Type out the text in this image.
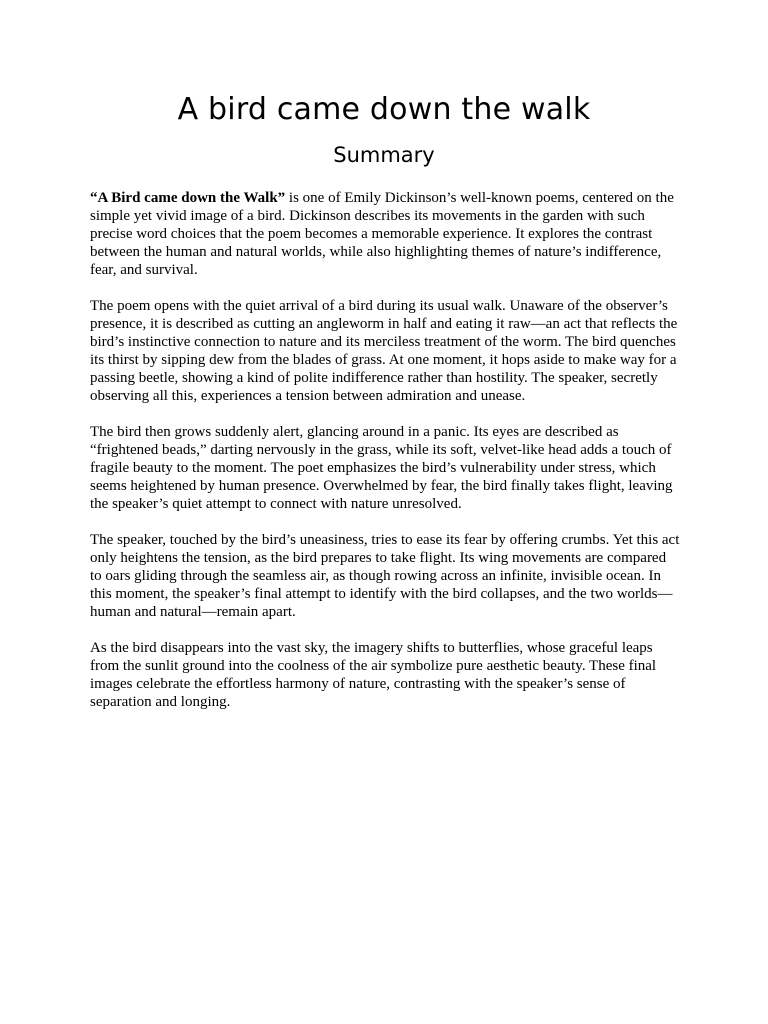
A bird came down the walk
Summary

“A Bird came down the Walk” is one of Emily Dickinson’s well-known poems, centered on the simple yet vivid image of a bird. Dickinson describes its movements in the garden with such precise word choices that the poem becomes a memorable experience. It explores the contrast between the human and natural worlds, while also highlighting themes of nature’s indifference, fear, and survival.

The poem opens with the quiet arrival of a bird during its usual walk. Unaware of the observer’s presence, it is described as cutting an angleworm in half and eating it raw—an act that reflects the bird’s instinctive connection to nature and its merciless treatment of the worm. The bird quenches its thirst by sipping dew from the blades of grass. At one moment, it hops aside to make way for a passing beetle, showing a kind of polite indifference rather than hostility. The speaker, secretly observing all this, experiences a tension between admiration and unease.

The bird then grows suddenly alert, glancing around in a panic. Its eyes are described as “frightened beads,” darting nervously in the grass, while its soft, velvet-like head adds a touch of fragile beauty to the moment. The poet emphasizes the bird’s vulnerability under stress, which seems heightened by human presence. Overwhelmed by fear, the bird finally takes flight, leaving the speaker’s quiet attempt to connect with nature unresolved.

The speaker, touched by the bird’s uneasiness, tries to ease its fear by offering crumbs. Yet this act only heightens the tension, as the bird prepares to take flight. Its wing movements are compared to oars gliding through the seamless air, as though rowing across an infinite, invisible ocean. In this moment, the speaker’s final attempt to identify with the bird collapses, and the two worlds—human and natural—remain apart.

As the bird disappears into the vast sky, the imagery shifts to butterflies, whose graceful leaps from the sunlit ground into the coolness of the air symbolize pure aesthetic beauty. These final images celebrate the effortless harmony of nature, contrasting with the speaker’s sense of separation and longing.
